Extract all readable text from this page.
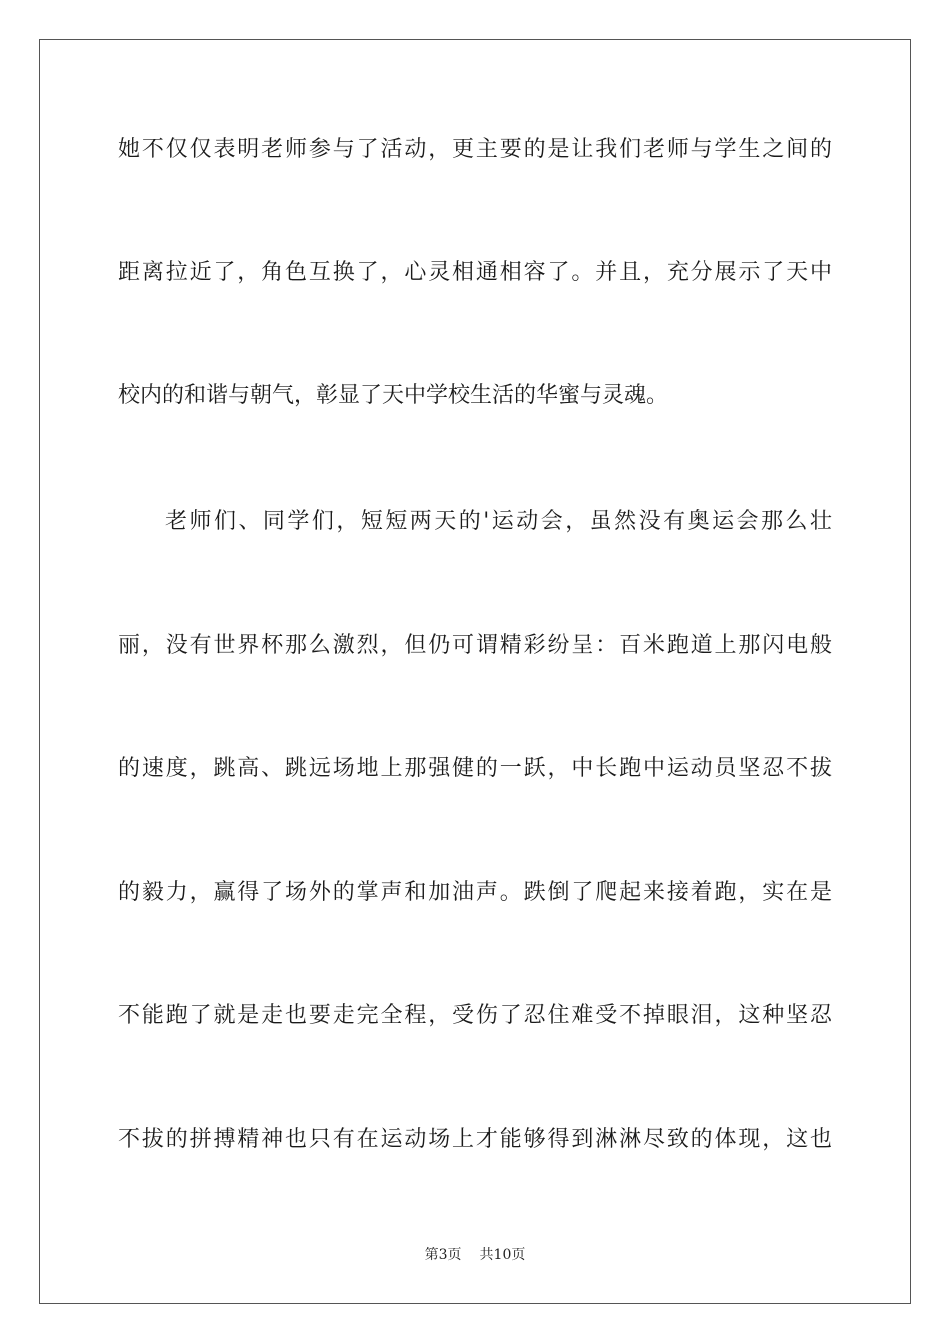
她不仅仅表明老师参与了活动，更主要的是让我们老师与学生之间的
距离拉近了，角色互换了，心灵相通相容了。并且，充分展示了天中
校内的和谐与朝气，彰显了天中学校生活的华蜜与灵魂。
老师们、同学们，短短两天的'运动会，虽然没有奥运会那么壮
丽，没有世界杯那么激烈，但仍可谓精彩纷呈：百米跑道上那闪电般
的速度，跳高、跳远场地上那强健的一跃，中长跑中运动员坚忍不拔
的毅力，赢得了场外的掌声和加油声。跌倒了爬起来接着跑，实在是
不能跑了就是走也要走完全程，受伤了忍住难受不掉眼泪，这种坚忍
不拔的拼搏精神也只有在运动场上才能够得到淋淋尽致的体现，这也
第3页 共10页
